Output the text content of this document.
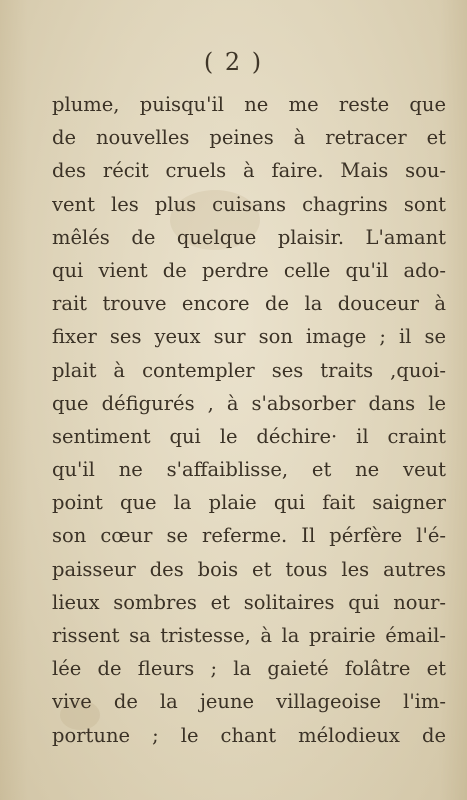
( 2 )
plume, puisqu'il ne me reste que
de nouvelles peines à retracer et
des récit cruels à faire. Mais sou-
vent les plus cuisans chagrins sont
mêlés de quelque plaisir. L'amant
qui vient de perdre celle qu'il ado-
rait trouve encore de la douceur à
fixer ses yeux sur son image ; il se
plait à contempler ses traits ,quoi-
que défigurés , à s'absorber dans le
sentiment qui le déchire· il craint
qu'il ne s'affaiblisse, et ne veut
point que la plaie qui fait saigner
son cœur se referme. Il pérfère l'é-
paisseur des bois et tous les autres
lieux sombres et solitaires qui nour-
rissent sa tristesse, à la prairie émail-
lée de fleurs ; la gaieté folâtre et
vive de la jeune villageoise l'im-
portune ; le chant mélodieux de
